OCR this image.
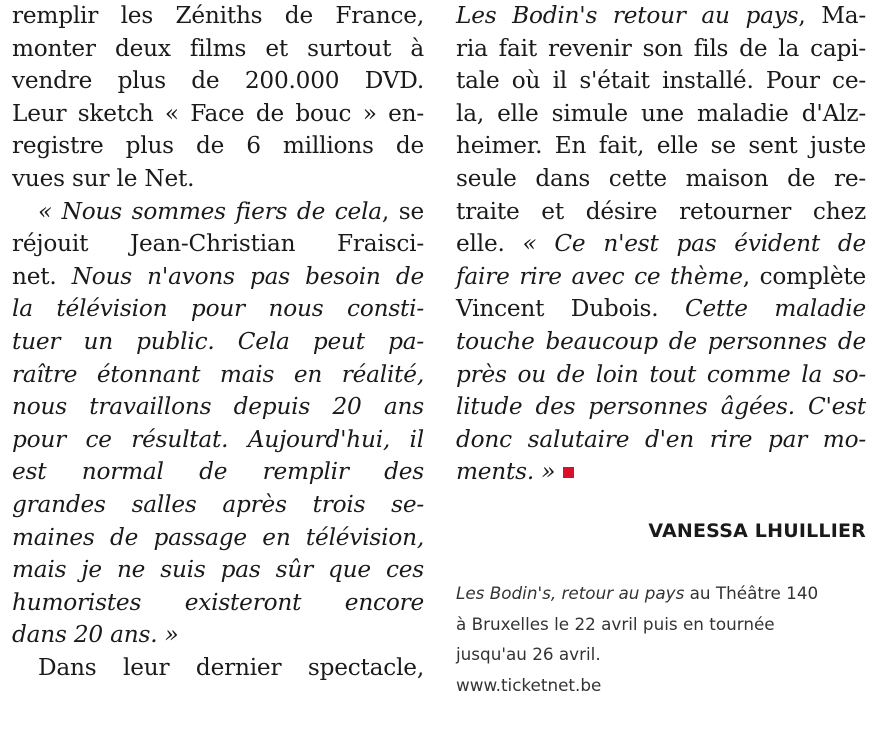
remplir les Zéniths de France,
monter deux films et surtout à
vendre plus de 200.000 DVD.
Leur sketch « Face de bouc » en-
registre plus de 6 millions de
vues sur le Net.
« Nous sommes fiers de cela, se
réjouit Jean-Christian Fraisci-
net. Nous n'avons pas besoin de
la télévision pour nous consti-
tuer un public. Cela peut pa-
raître étonnant mais en réalité,
nous travaillons depuis 20 ans
pour ce résultat. Aujourd'hui, il
est normal de remplir des
grandes salles après trois se-
maines de passage en télévision,
mais je ne suis pas sûr que ces
humoristes existeront encore
dans 20 ans. »
Dans leur dernier spectacle,
Les Bodin's retour au pays, Ma-
ria fait revenir son fils de la capi-
tale où il s'était installé. Pour ce-
la, elle simule une maladie d'Alz-
heimer. En fait, elle se sent juste
seule dans cette maison de re-
traite et désire retourner chez
elle. « Ce n'est pas évident de
faire rire avec ce thème, complète
Vincent Dubois. Cette maladie
touche beaucoup de personnes de
près ou de loin tout comme la so-
litude des personnes âgées. C'est
donc salutaire d'en rire par mo-
ments. »
VANESSA LHUILLIER
Les Bodin's, retour au pays au Théâtre 140
à Bruxelles le 22 avril puis en tournée
jusqu'au 26 avril.
www.ticketnet.be
